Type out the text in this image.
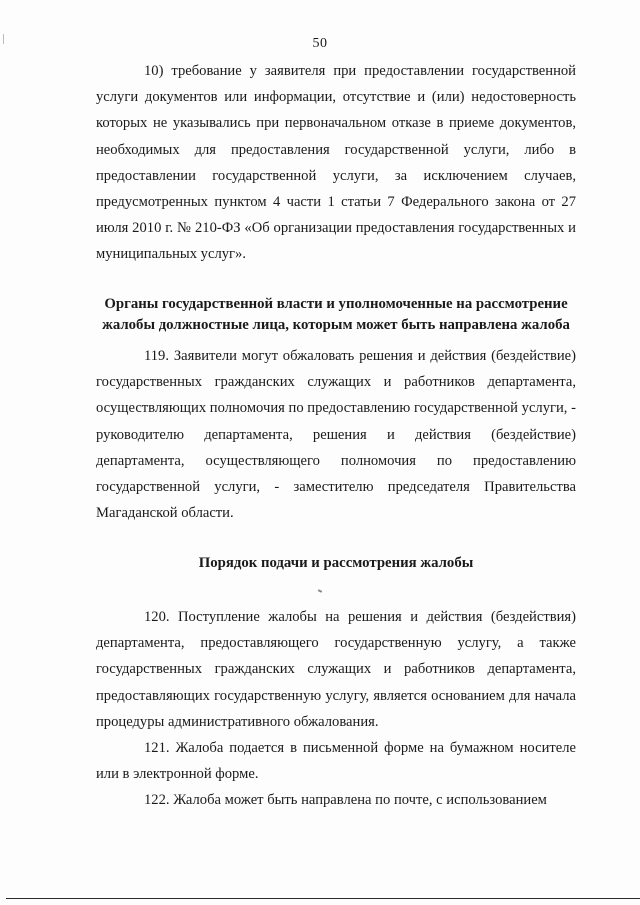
50

10) требование у заявителя при предоставлении государственной услуги документов или информации, отсутствие и (или) недостоверность которых не указывались при первоначальном отказе в приеме документов, необходимых для предоставления государственной услуги, либо в предоставлении государственной услуги, за исключением случаев, предусмотренных пунктом 4 части 1 статьи 7 Федерального закона от 27 июля 2010 г. № 210-ФЗ «Об организации предоставления государственных и муниципальных услуг».

Органы государственной власти и уполномоченные на рассмотрение жалобы должностные лица, которым может быть направлена жалоба

119. Заявители могут обжаловать решения и действия (бездействие) государственных гражданских служащих и работников департамента, осуществляющих полномочия по предоставлению государственной услуги, - руководителю департамента, решения и действия (бездействие) департамента, осуществляющего полномочия по предоставлению государственной услуги, - заместителю председателя Правительства Магаданской области.

Порядок подачи и рассмотрения жалобы

120. Поступление жалобы на решения и действия (бездействия) департамента, предоставляющего государственную услугу, а также государственных гражданских служащих и работников департамента, предоставляющих государственную услугу, является основанием для начала процедуры административного обжалования.

121. Жалоба подается в письменной форме на бумажном носителе или в электронной форме.

122. Жалоба может быть направлена по почте, с использованием
